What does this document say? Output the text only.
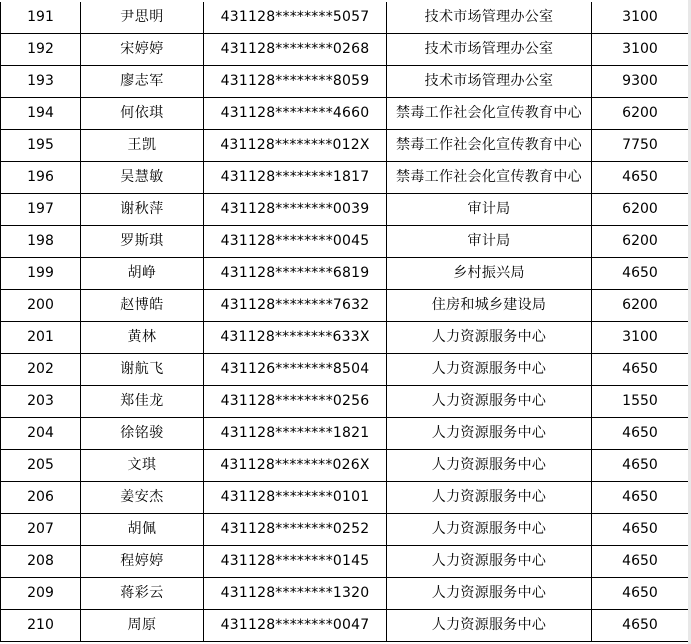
191	尹思明	431128********5057	技术市场管理办公室	3100
192	宋婷婷	431128********0268	技术市场管理办公室	3100
193	廖志军	431128********8059	技术市场管理办公室	9300
194	何依琪	431128********4660	禁毒工作社会化宣传教育中心	6200
195	王凯	431128********012X	禁毒工作社会化宣传教育中心	7750
196	吴慧敏	431128********1817	禁毒工作社会化宣传教育中心	4650
197	谢秋萍	431128********0039	审计局	6200
198	罗斯琪	431128********0045	审计局	6200
199	胡峥	431128********6819	乡村振兴局	4650
200	赵博皓	431128********7632	住房和城乡建设局	6200
201	黄林	431128********633X	人力资源服务中心	3100
202	谢航飞	431126********8504	人力资源服务中心	4650
203	郑佳龙	431128********0256	人力资源服务中心	1550
204	徐铭骏	431128********1821	人力资源服务中心	4650
205	文琪	431128********026X	人力资源服务中心	4650
206	姜安杰	431128********0101	人力资源服务中心	4650
207	胡佩	431128********0252	人力资源服务中心	4650
208	程婷婷	431128********0145	人力资源服务中心	4650
209	蒋彩云	431128********1320	人力资源服务中心	4650
210	周原	431128********0047	人力资源服务中心	4650
